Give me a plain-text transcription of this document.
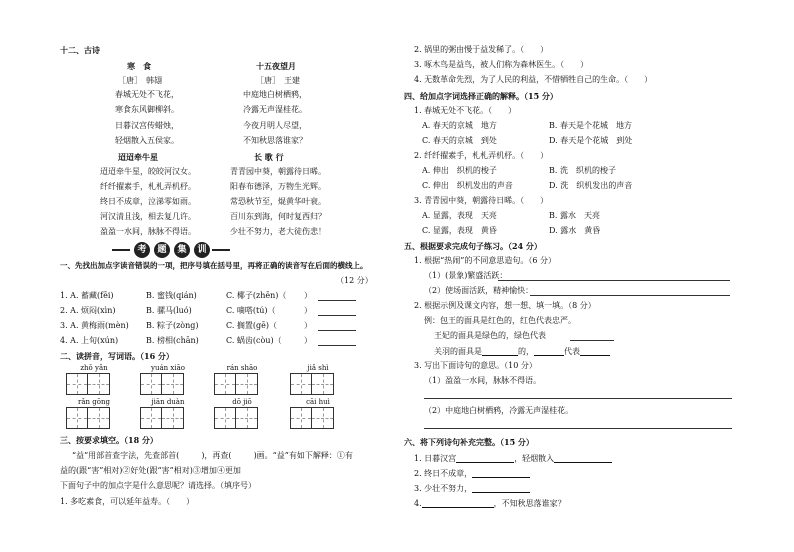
十二、古诗
寒　食
［唐］　韩翃
春城无处不飞花，
寒食东风御柳斜。
日暮汉宫传蜡烛，
轻烟散入五侯家。
十五夜望月
［唐］　王建
中庭地白树栖鸦，
冷露无声湿桂花。
今夜月明人尽望，
不知秋思落谁家？
迢迢牵牛星
迢迢牵牛星，皎皎河汉女。
纤纤擢素手，札札弄机杼。
终日不成章，泣涕零如雨。
河汉清且浅，相去复几许。
盈盈一水间，脉脉不得语。
长 歌 行
青青园中葵，朝露待日晞。
阳春布德泽，万物生光辉。
常恐秋节至，焜黄华叶衰。
百川东到海，何时复西归？
少壮不努力，老大徒伤悲！
考	题	集	训
一、先找出加点字读音错误的一项，把序号填在括号里，再将正确的读音写在后面的横线上。
（12 分）
1. A. 蓄藏(fēi)	B. 蜜钱(qián)	C. 椰子(zhēn)（ ）
2. A. 烦闷(xìn)	B. 骡马(luó)	C. 嘀嗒(tú)（	）
3. A. 黄梅雨(mèn) B. 粽子(zòng)	C. 搁置(gē)（	）
4. A. 上旬(xún)	B. 榜相(chān)	C. 蜗齿(còu)（	）
二、读拼音，写词语。（16 分）
zhǒ yǎn	yuán xiāo	rán shāo	jiǎ shì
rǎn gōng	jiān duàn	dō jiō	cāi huì
三、按要求填空。（18 分）
“益”用部首查字法，先查部首(	)，再查(	)画。“益”有如下解释：①有
益的(跟“害”相对)②好处(跟“害”相对)③增加④更加
下面句子中的加点字是什么意思呢？请选择。（填序号）
1. 多吃素食，可以延年益寿。（　　）
2. 锅里的粥由慢于益发稀了。（　　）
3. 啄木鸟是益鸟，被人们称为森林医生。（　　）
4. 无数革命先烈，为了人民的利益，不惜牺牲自己的生命。（　　）
四、给加点字词选择正确的解释。（15 分）
1. 春城无处不飞花。（　　）
A. 春天的京城　地方	B. 春天是个花城　地方
C. 春天的京城　到处	D. 春天是个花城　到处
2. 纤纤擢素手，札札弄机杼。（　　）
A. 伸出　织机的梭子	B. 洗　织机的梭子
C. 伸出　织机发出的声音	D. 洗　织机发出的声音
3. 青青园中葵，朝露待日晞。（　　）
A. 显露，表现　天亮	B. 露水　天亮
C. 显露，表现　黄昏	D. 露水　黄昏
五、根据要求完成句子练习。（24 分）
1. 根据“热闹”的不同意思造句。（6 分）
（1）(景象)繁盛活跃：
（2）使场面活跃，精神愉快：
2. 根据示例及课文内容，想一想、填一填。（8 分）
例：包王的面具是红色的，红色代表忠严。
王妃的面具是绿色的，绿色代表
关羽的面具是	的，	代表
3. 写出下面诗句的意思。（10 分）
（1）盈盈一水间，脉脉不得语。
（2）中庭地白树栖鸦，冷露无声湿桂花。
六、将下列诗句补充完整。（15 分）
1. 日暮汉宫	，轻烟散入
2. 终日不成章，
3. 少壮不努力，
4.	，不知秋思落谁家？
